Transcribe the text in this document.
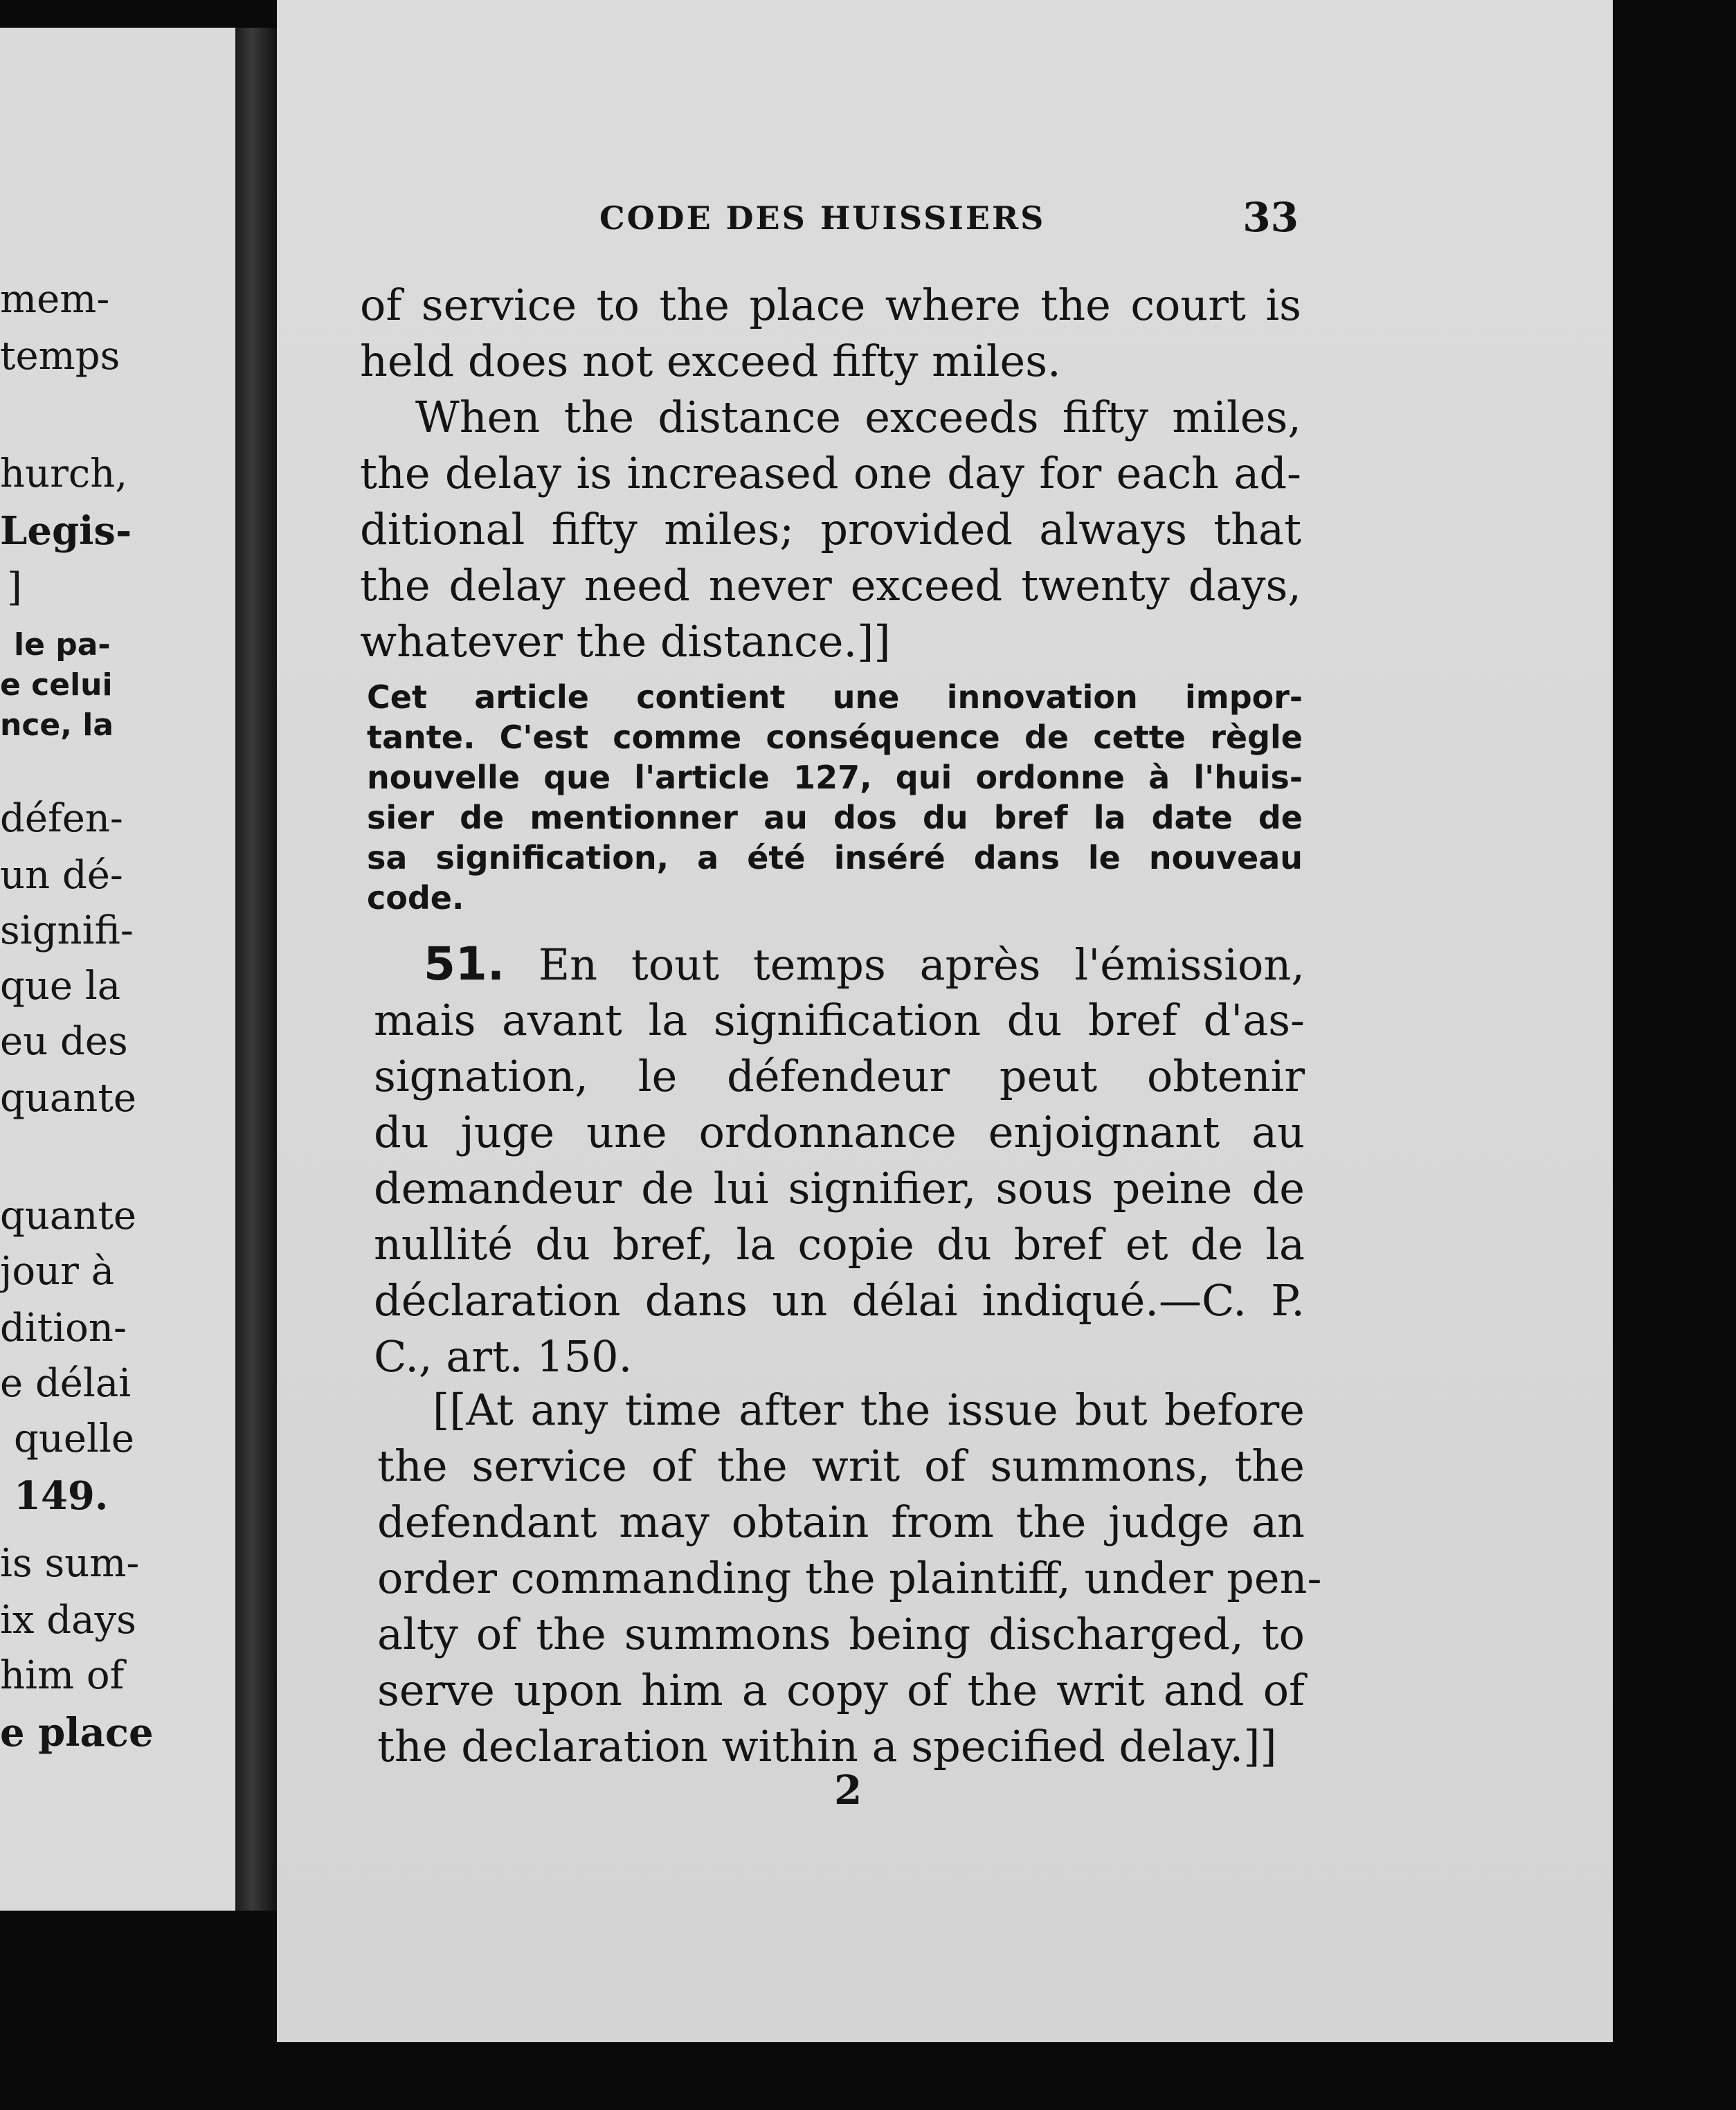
mem-
temps
hurch,
Legis-
]
le pa-
e celui
nce, la
défen-
un dé-
signifi-
que la
eu des
quante
quante
jour à
dition-
e délai
quelle
149.
is sum-
ix days
him of
e place
CODE DES HUISSIERS	33
of service to the place where the court is
held does not exceed fifty miles.
When the distance exceeds fifty miles,
the delay is increased one day for each ad-
ditional fifty miles; provided always that
the delay need never exceed twenty days,
whatever the distance.]]
Cet article contient une innovation impor-
tante. C'est comme conséquence de cette règle
nouvelle que l'article 127, qui ordonne à l'huis-
sier de mentionner au dos du bref la date de
sa signification, a été inséré dans le nouveau
code.
51. En tout temps après l'émission,
mais avant la signification du bref d'as-
signation, le défendeur peut obtenir
du juge une ordonnance enjoignant au
demandeur de lui signifier, sous peine de
nullité du bref, la copie du bref et de la
déclaration dans un délai indiqué.—C. P.
C., art. 150.
[[At any time after the issue but before
the service of the writ of summons, the
defendant may obtain from the judge an
order commanding the plaintiff, under pen-
alty of the summons being discharged, to
serve upon him a copy of the writ and of
the declaration within a specified delay.]]
2
